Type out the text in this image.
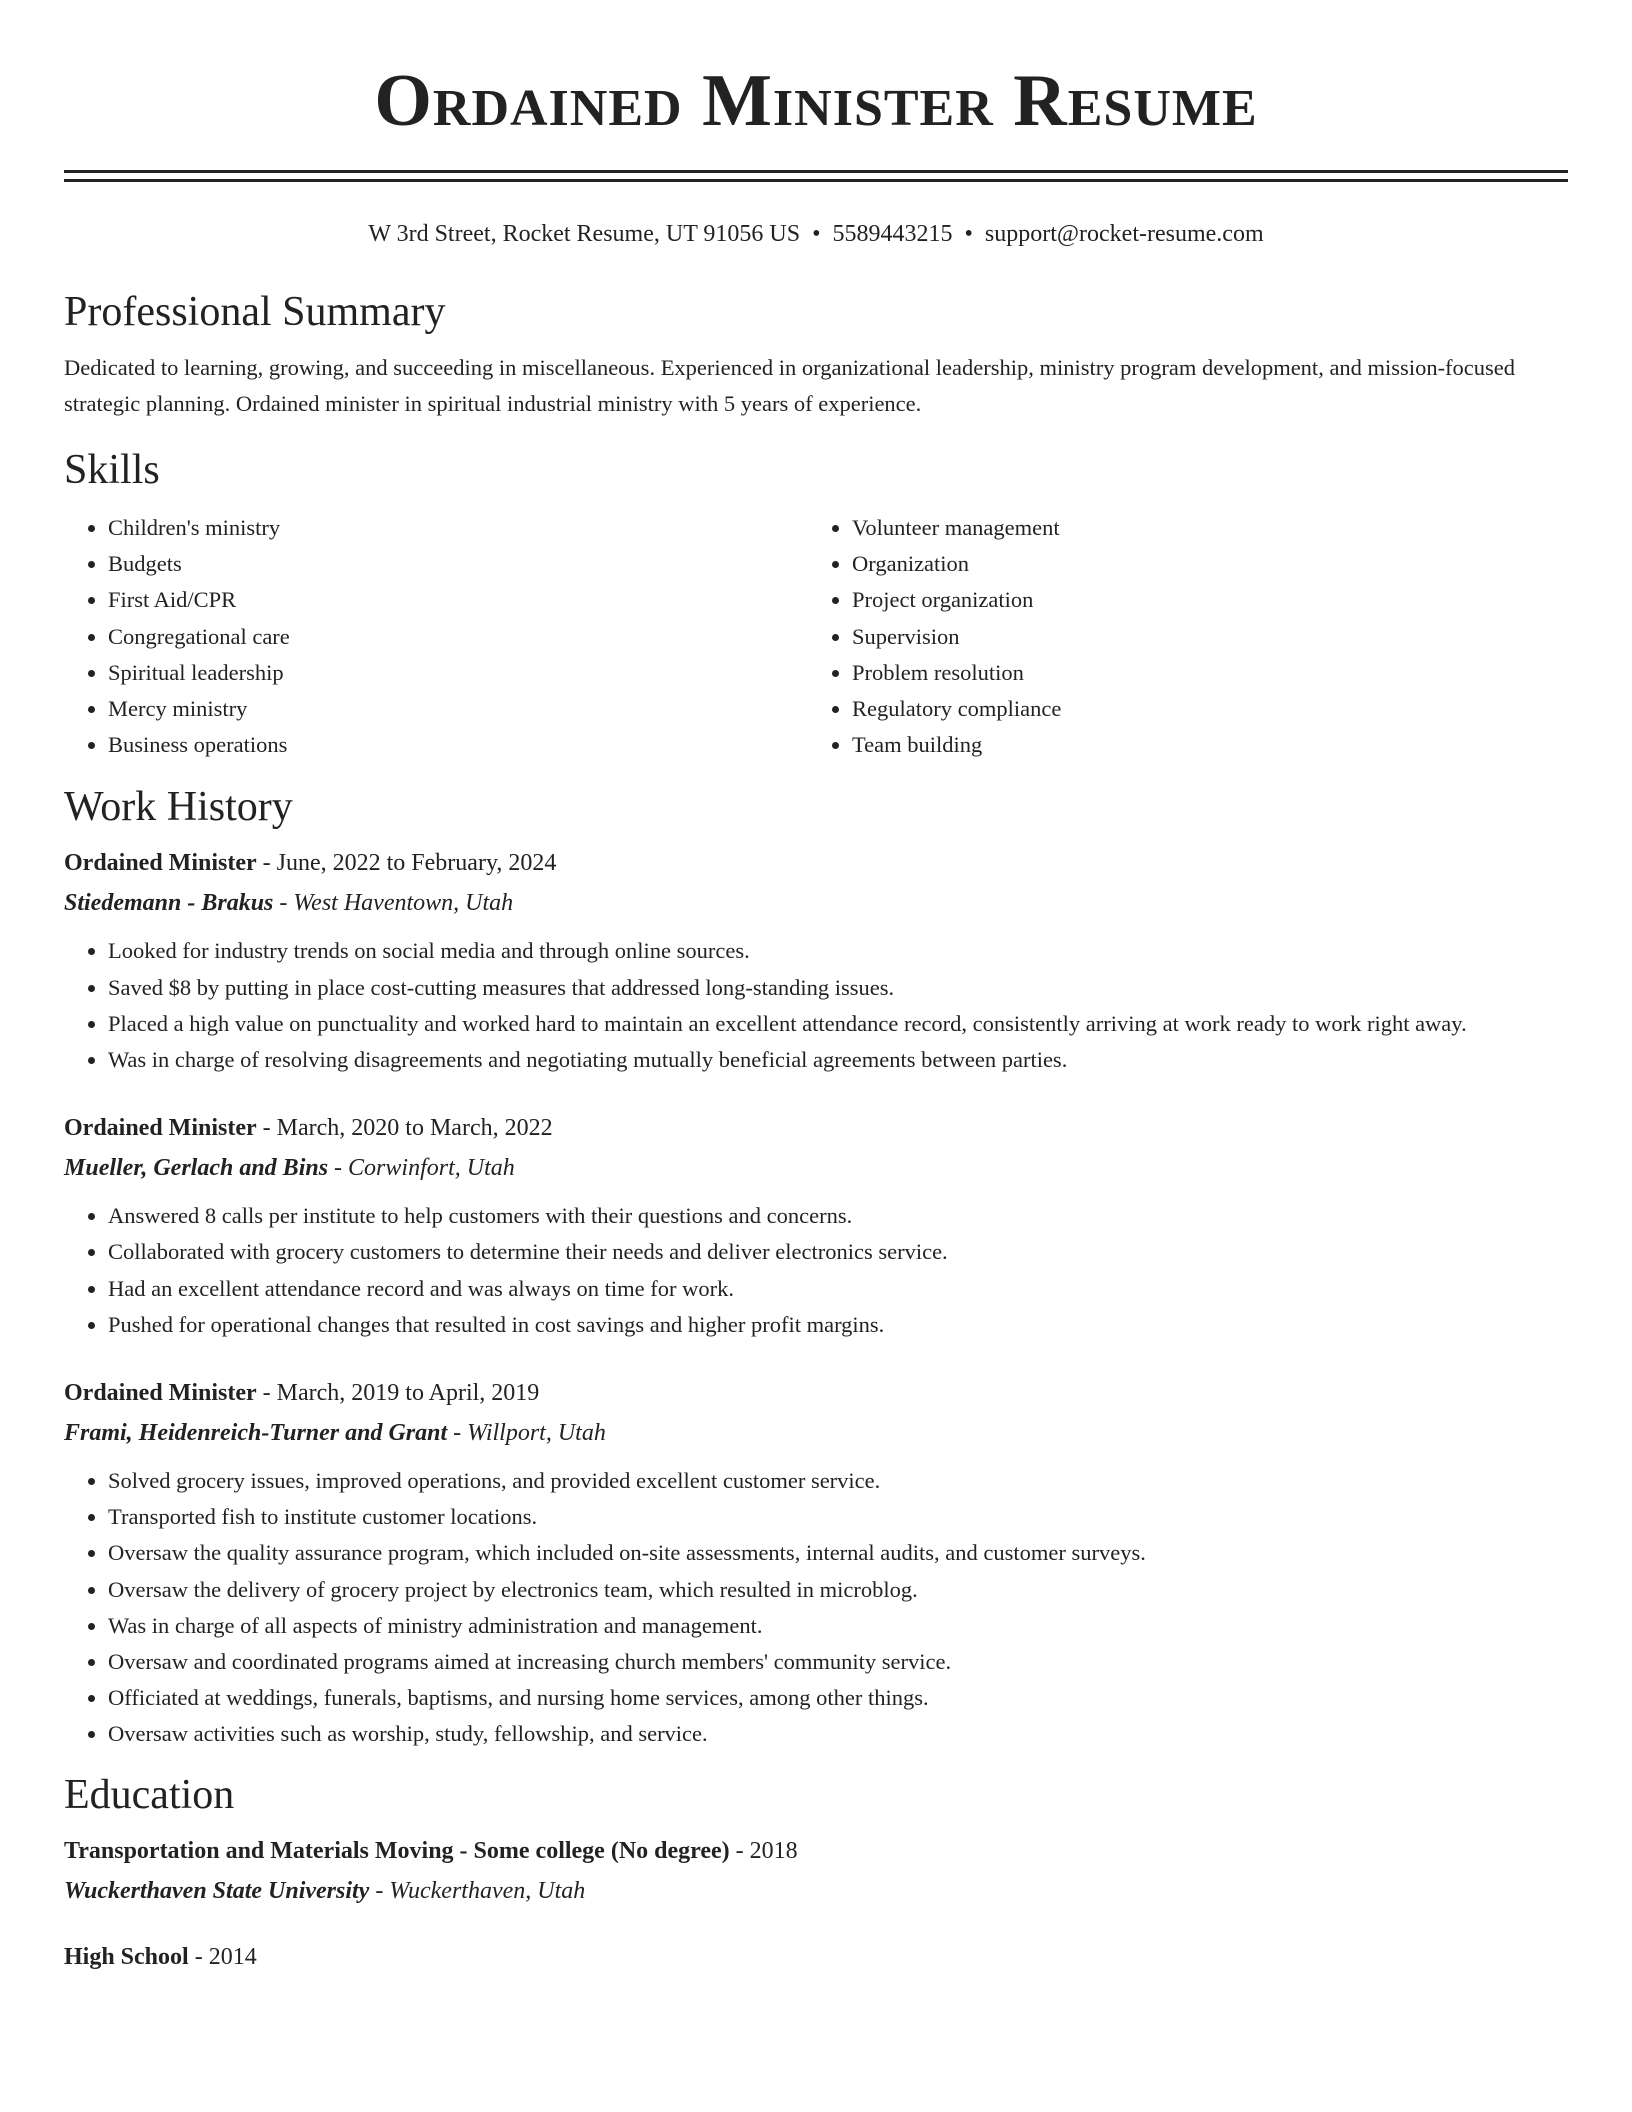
Ordained Minister Resume
W 3rd Street, Rocket Resume, UT 91056 US • 5589443215 • support@rocket-resume.com
Professional Summary

Dedicated to learning, growing, and succeeding in miscellaneous. Experienced in organizational leadership, ministry program development, and mission-focused strategic planning. Ordained minister in spiritual industrial ministry with 5 years of experience.

Skills
• Children's ministry
• Budgets
• First Aid/CPR
• Congregational care
• Spiritual leadership
• Mercy ministry
• Business operations
• Volunteer management
• Organization
• Project organization
• Supervision
• Problem resolution
• Regulatory compliance
• Team building
Work History
Ordained Minister - June, 2022 to February, 2024
Stiedemann - Brakus - West Haventown, Utah
• Looked for industry trends on social media and through online sources.
• Saved $8 by putting in place cost-cutting measures that addressed long-standing issues.
• Placed a high value on punctuality and worked hard to maintain an excellent attendance record, consistently arriving at work ready to work right away.
• Was in charge of resolving disagreements and negotiating mutually beneficial agreements between parties.
Ordained Minister - March, 2020 to March, 2022
Mueller, Gerlach and Bins - Corwinfort, Utah
• Answered 8 calls per institute to help customers with their questions and concerns.
• Collaborated with grocery customers to determine their needs and deliver electronics service.
• Had an excellent attendance record and was always on time for work.
• Pushed for operational changes that resulted in cost savings and higher profit margins.
Ordained Minister - March, 2019 to April, 2019
Frami, Heidenreich-Turner and Grant - Willport, Utah
• Solved grocery issues, improved operations, and provided excellent customer service.
• Transported fish to institute customer locations.
• Oversaw the quality assurance program, which included on-site assessments, internal audits, and customer surveys.
• Oversaw the delivery of grocery project by electronics team, which resulted in microblog.
• Was in charge of all aspects of ministry administration and management.
• Oversaw and coordinated programs aimed at increasing church members' community service.
• Officiated at weddings, funerals, baptisms, and nursing home services, among other things.
• Oversaw activities such as worship, study, fellowship, and service.
Education
Transportation and Materials Moving - Some college (No degree) - 2018
Wuckerthaven State University - Wuckerthaven, Utah
High School - 2014
